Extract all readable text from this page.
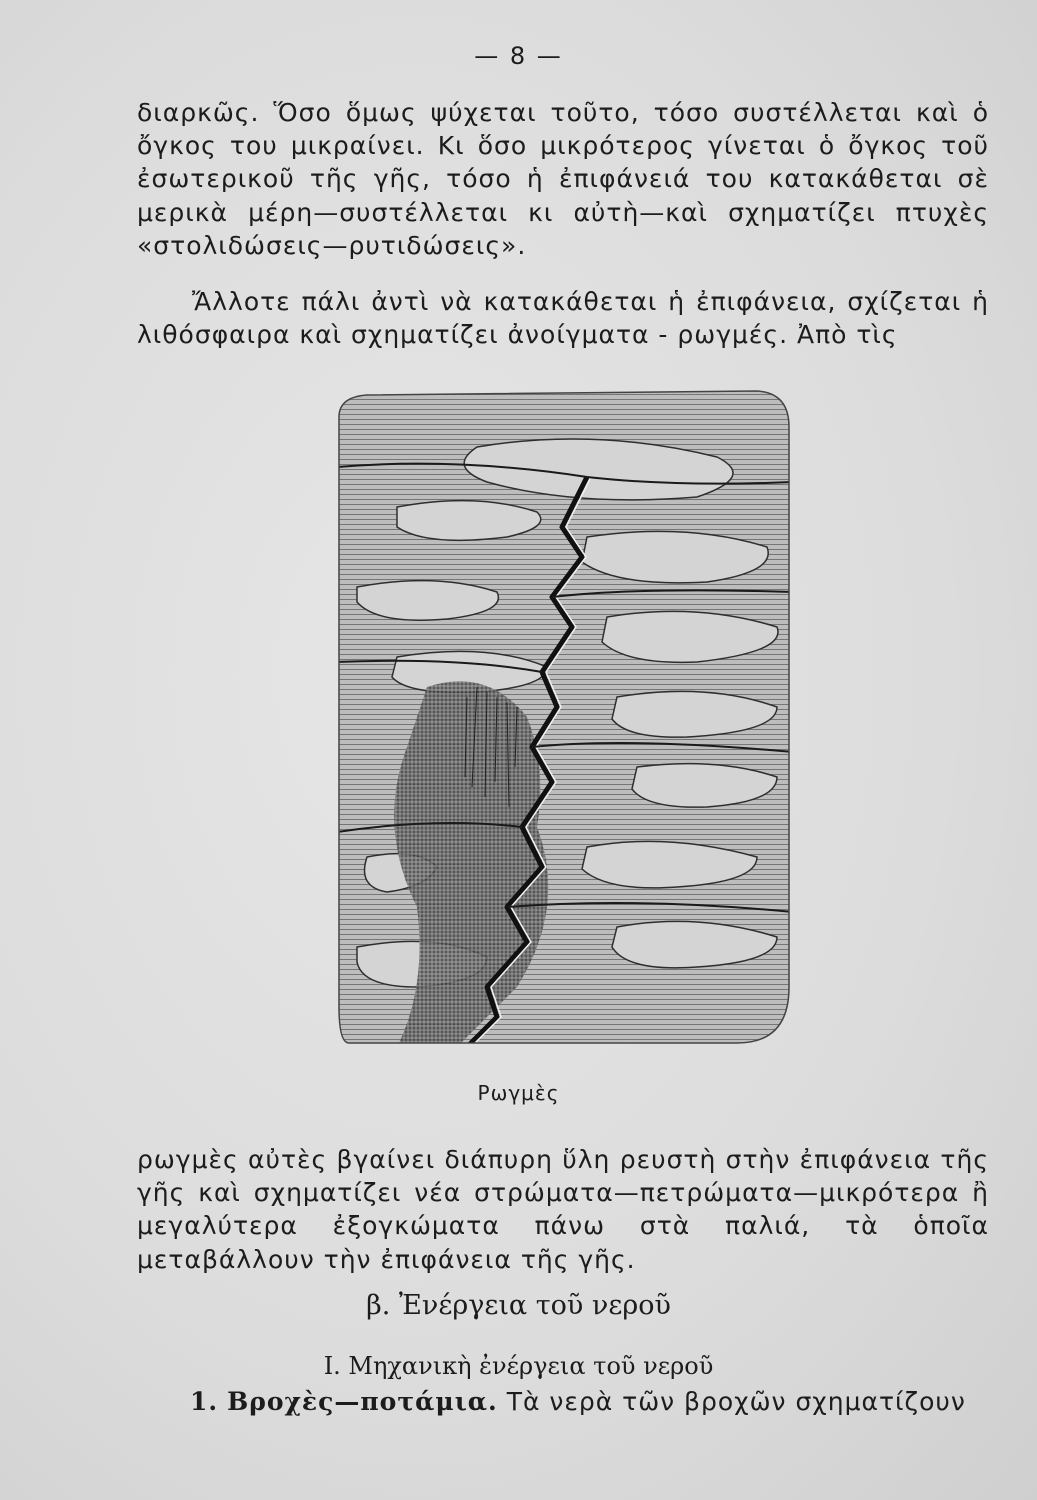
— 8 —

διαρκῶς. Ὅσο ὅμως ψύχεται τοῦτο, τόσο συστέλλεται καὶ ὁ ὄγκος του μικραίνει. Κι ὅσο μικρότερος γίνεται ὁ ὄγκος τοῦ ἐσωτερικοῦ τῆς γῆς, τόσο ἡ ἐπιφάνειά του κατακάθεται σὲ μερικὰ μέρη—συστέλλεται κι αὐτὴ—καὶ σχηματίζει πτυχὲς «στολιδώσεις—ρυτιδώσεις».

Ἄλλοτε πάλι ἀντὶ νὰ κατακάθεται ἡ ἐπιφάνεια, σχίζεται ἡ λιθόσφαιρα καὶ σχηματίζει ἀνοίγματα - ρωγμές. Ἀπὸ τὶς

Ρωγμὲς

ρωγμὲς αὐτὲς βγαίνει διάπυρη ὕλη ρευστὴ στὴν ἐπιφάνεια τῆς γῆς καὶ σχηματίζει νέα στρώματα—πετρώματα—μικρότερα ἢ μεγαλύτερα ἐξογκώματα πάνω στὰ παλιά, τὰ ὁποῖα μεταβάλλουν τὴν ἐπιφάνεια τῆς γῆς.

β. Ἐνέργεια τοῦ νεροῦ
Ι. Μηχανικὴ ἐνέργεια τοῦ νεροῦ
1. Βροχὲς—ποτάμια. Τὰ νερὰ τῶν βροχῶν σχηματίζουν
